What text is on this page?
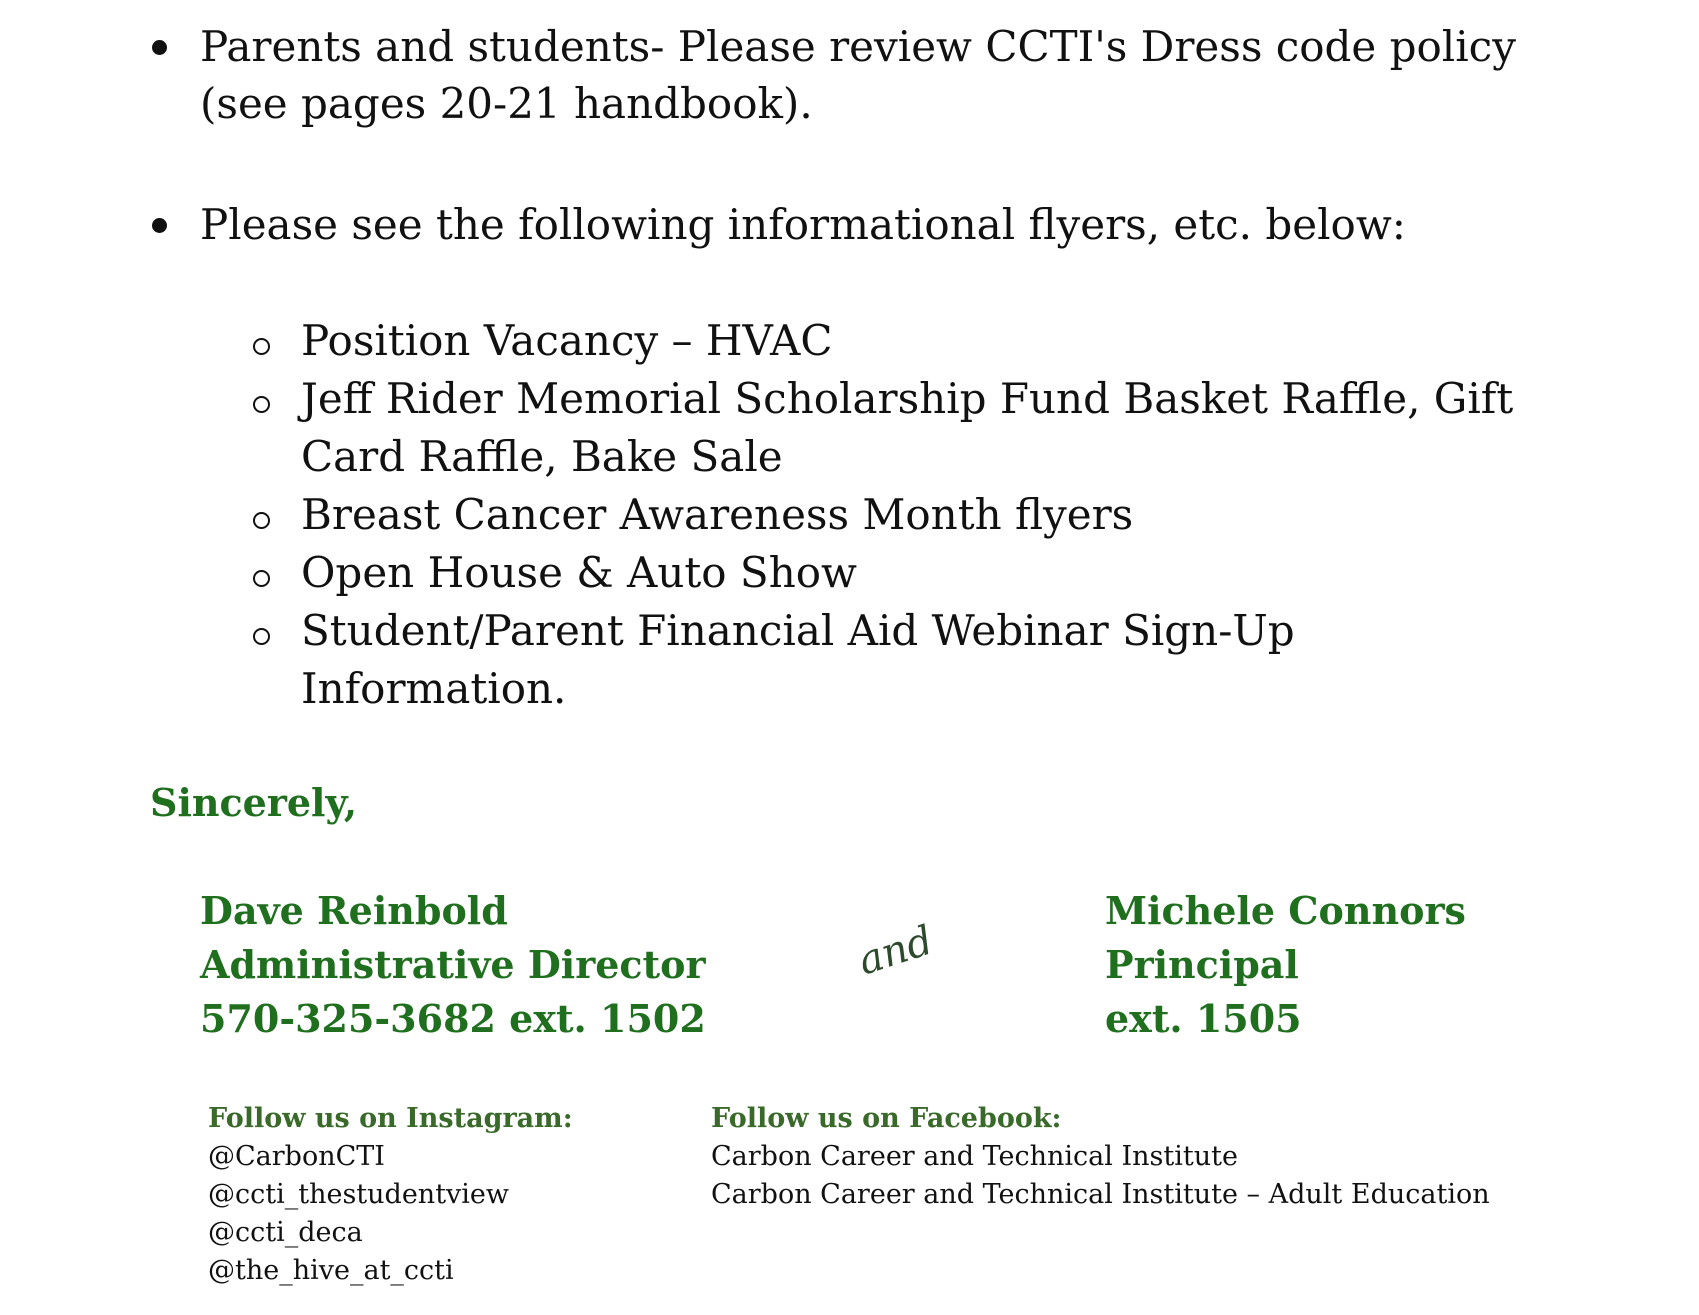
Parents and students- Please review CCTI's Dress code policy (see pages 20-21 handbook).
Please see the following informational flyers, etc. below:
Position Vacancy – HVAC
Jeff Rider Memorial Scholarship Fund Basket Raffle, Gift Card Raffle, Bake Sale
Breast Cancer Awareness Month flyers
Open House & Auto Show
Student/Parent Financial Aid Webinar Sign-Up Information.
Sincerely,
Dave Reinbold
Administrative Director
570-325-3682 ext. 1502
and
Michele Connors
Principal
ext. 1505
Follow us on Instagram:
@CarbonCTI
@ccti_thestudentview
@ccti_deca
@the_hive_at_ccti
Follow us on Facebook:
Carbon Career and Technical Institute
Carbon Career and Technical Institute – Adult Education
